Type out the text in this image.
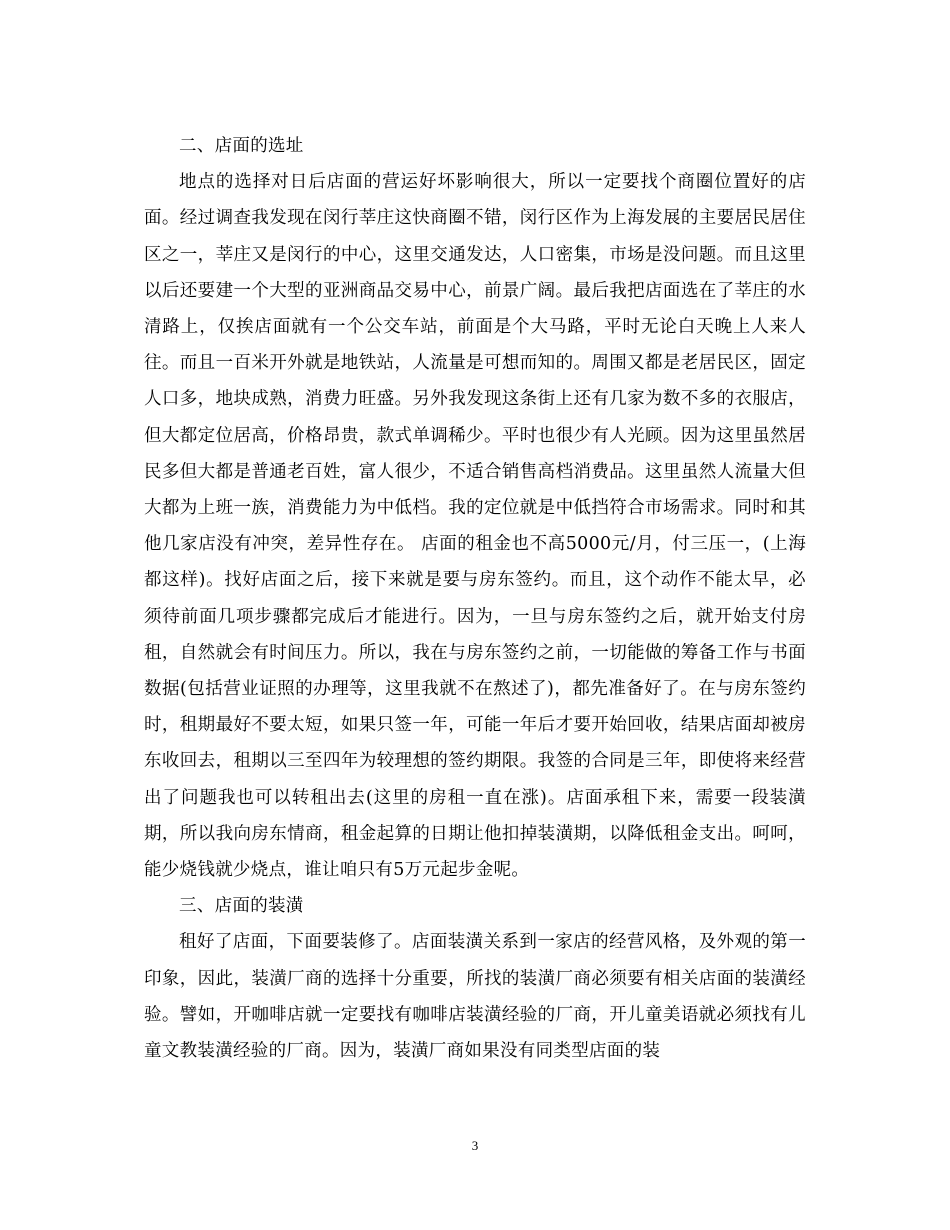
二、店面的选址

地点的选择对日后店面的营运好坏影响很大，所以一定要找个商圈位置好的店面。经过调查我发现在闵行莘庄这快商圈不错，闵行区作为上海发展的主要居民居住区之一，莘庄又是闵行的中心，这里交通发达，人口密集，市场是没问题。而且这里以后还要建一个大型的亚洲商品交易中心，前景广阔。最后我把店面选在了莘庄的水清路上，仅挨店面就有一个公交车站，前面是个大马路，平时无论白天晚上人来人往。而且一百米开外就是地铁站，人流量是可想而知的。周围又都是老居民区，固定人口多，地块成熟，消费力旺盛。另外我发现这条街上还有几家为数不多的衣服店，但大都定位居高，价格昂贵，款式单调稀少。平时也很少有人光顾。因为这里虽然居民多但大都是普通老百姓，富人很少，不适合销售高档消费品。这里虽然人流量大但大都为上班一族，消费能力为中低档。我的定位就是中低挡符合市场需求。同时和其他几家店没有冲突，差异性存在。 店面的租金也不高5000元/月，付三压一，(上海都这样)。找好店面之后，接下来就是要与房东签约。而且，这个动作不能太早，必须待前面几项步骤都完成后才能进行。因为，一旦与房东签约之后，就开始支付房租，自然就会有时间压力。所以，我在与房东签约之前，一切能做的筹备工作与书面数据(包括营业证照的办理等，这里我就不在熬述了)，都先准备好了。在与房东签约时，租期最好不要太短，如果只签一年，可能一年后才要开始回收，结果店面却被房东收回去，租期以三至四年为较理想的签约期限。我签的合同是三年，即使将来经营出了问题我也可以转租出去(这里的房租一直在涨)。店面承租下来，需要一段装潢期，所以我向房东情商，租金起算的日期让他扣掉装潢期，以降低租金支出。呵呵，能少烧钱就少烧点，谁让咱只有5万元起步金呢。

三、店面的装潢

租好了店面，下面要装修了。店面装潢关系到一家店的经营风格，及外观的第一印象，因此，装潢厂商的选择十分重要，所找的装潢厂商必须要有相关店面的装潢经验。譬如，开咖啡店就一定要找有咖啡店装潢经验的厂商，开儿童美语就必须找有儿童文教装潢经验的厂商。因为，装潢厂商如果没有同类型店面的装

3
